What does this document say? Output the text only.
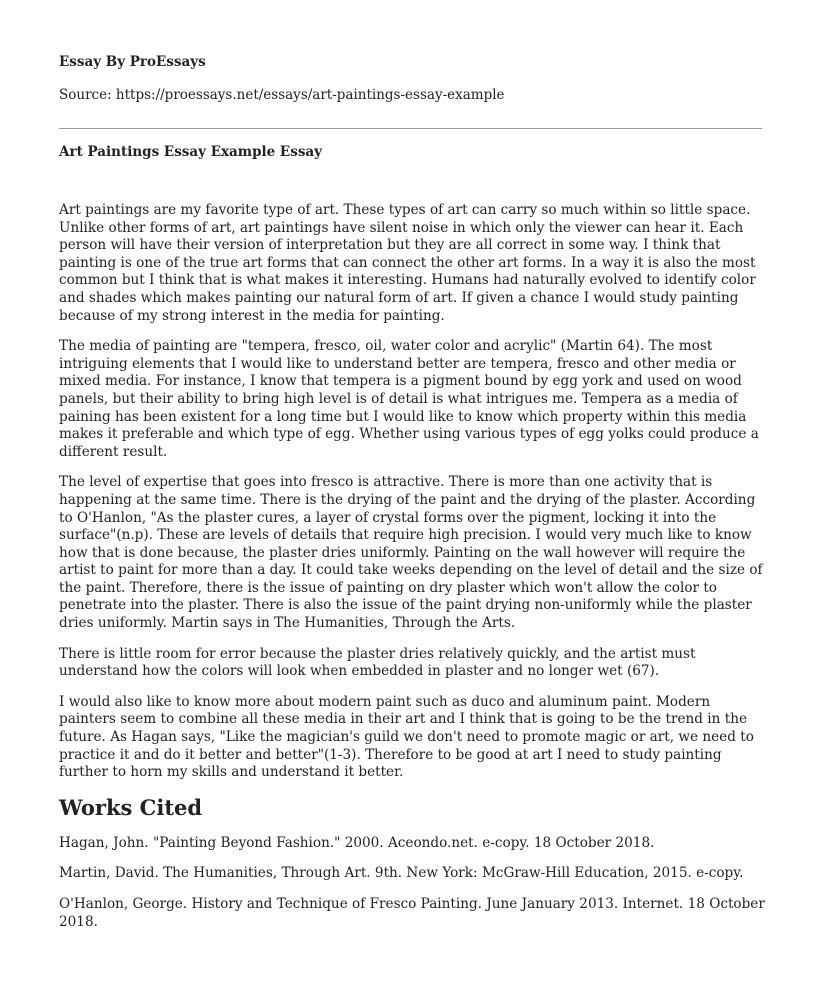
Essay By ProEssays
Source: https://proessays.net/essays/art-paintings-essay-example
Art Paintings Essay Example Essay

Art paintings are my favorite type of art. These types of art can carry so much within so little space. Unlike other forms of art, art paintings have silent noise in which only the viewer can hear it. Each person will have their version of interpretation but they are all correct in some way. I think that painting is one of the true art forms that can connect the other art forms. In a way it is also the most common but I think that is what makes it interesting. Humans had naturally evolved to identify color and shades which makes painting our natural form of art. If given a chance I would study painting because of my strong interest in the media for painting.

The media of painting are "tempera, fresco, oil, water color and acrylic" (Martin 64). The most intriguing elements that I would like to understand better are tempera, fresco and other media or mixed media. For instance, I know that tempera is a pigment bound by egg york and used on wood panels, but their ability to bring high level is of detail is what intrigues me. Tempera as a media of paining has been existent for a long time but I would like to know which property within this media makes it preferable and which type of egg. Whether using various types of egg yolks could produce a different result.

The level of expertise that goes into fresco is attractive. There is more than one activity that is happening at the same time. There is the drying of the paint and the drying of the plaster. According to O'Hanlon, "As the plaster cures, a layer of crystal forms over the pigment, locking it into the surface"(n.p). These are levels of details that require high precision. I would very much like to know how that is done because, the plaster dries uniformly. Painting on the wall however will require the artist to paint for more than a day. It could take weeks depending on the level of detail and the size of the paint. Therefore, there is the issue of painting on dry plaster which won't allow the color to penetrate into the plaster. There is also the issue of the paint drying non-uniformly while the plaster dries uniformly. Martin says in The Humanities, Through the Arts.

There is little room for error because the plaster dries relatively quickly, and the artist must understand how the colors will look when embedded in plaster and no longer wet (67).

I would also like to know more about modern paint such as duco and aluminum paint. Modern painters seem to combine all these media in their art and I think that is going to be the trend in the future. As Hagan says, "Like the magician's guild we don't need to promote magic or art, we need to practice it and do it better and better"(1-3). Therefore to be good at art I need to study painting further to horn my skills and understand it better.

Works Cited
Hagan, John. "Painting Beyond Fashion." 2000. Aceondo.net. e-copy. 18 October 2018.
Martin, David. The Humanities, Through Art. 9th. New York: McGraw-Hill Education, 2015. e-copy.
O'Hanlon, George. History and Technique of Fresco Painting. June January 2013. Internet. 18 October 2018.
